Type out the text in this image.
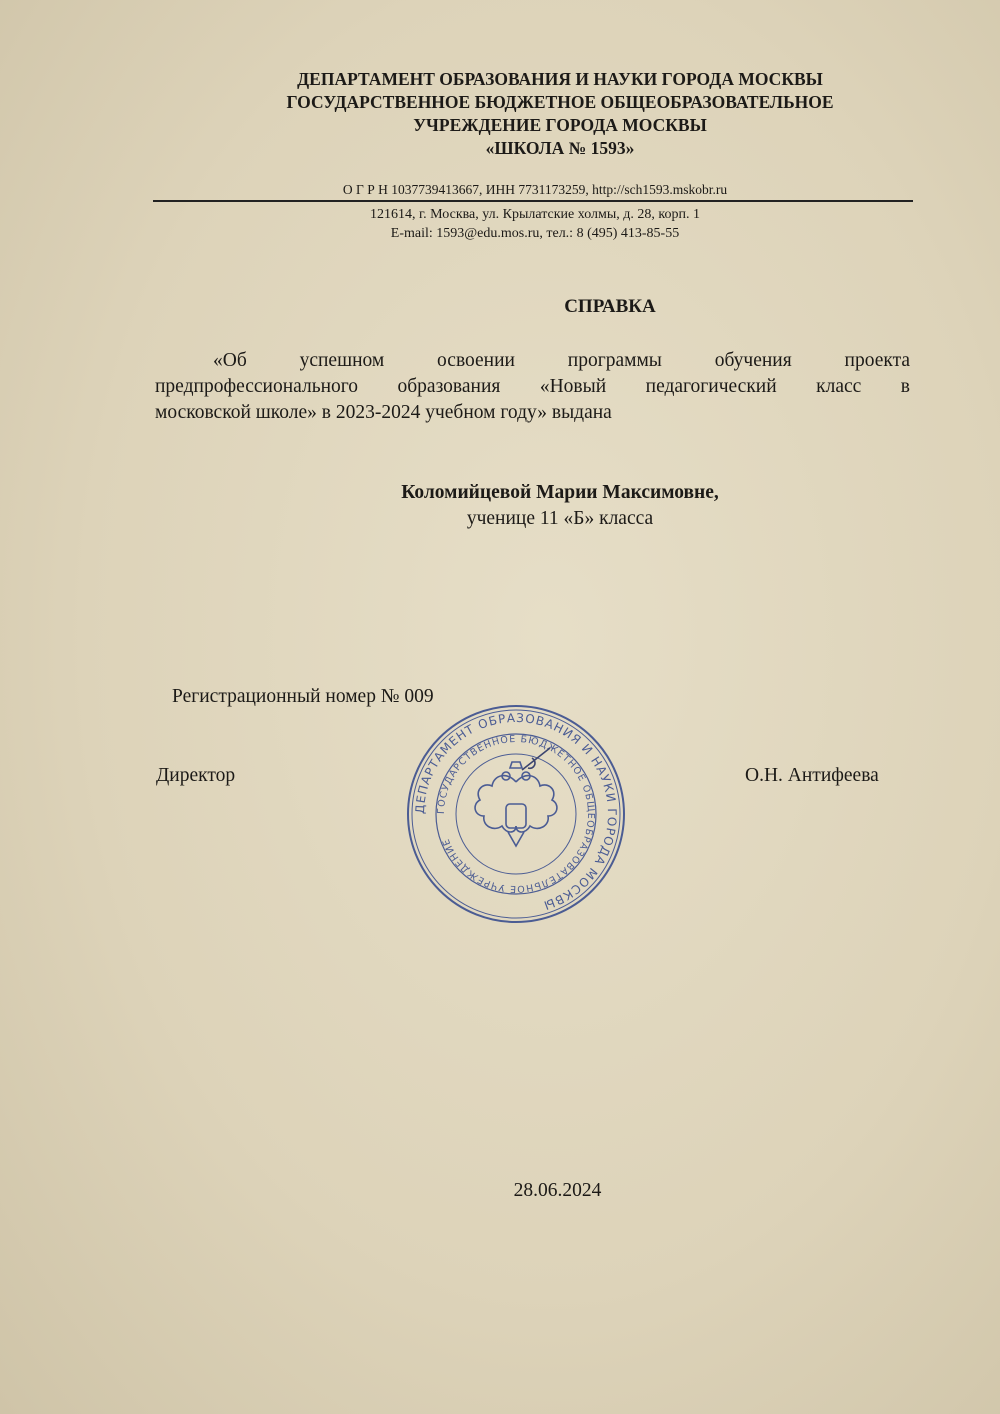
ДЕПАРТАМЕНТ ОБРАЗОВАНИЯ И НАУКИ ГОРОДА МОСКВЫ
ГОСУДАРСТВЕННОЕ БЮДЖЕТНОЕ ОБЩЕОБРАЗОВАТЕЛЬНОЕ
УЧРЕЖДЕНИЕ ГОРОДА МОСКВЫ
«ШКОЛА № 1593»
О Г Р Н 1037739413667, ИНН 7731173259, http://sch1593.mskobr.ru
121614, г. Москва, ул. Крылатские холмы, д. 28, корп. 1
E-mail: 1593@edu.mos.ru, тел.: 8 (495) 413-85-55
СПРАВКА
«Об успешном освоении программы обучения проекта
предпрофессионального образования «Новый педагогический класс в
московской школе» в 2023-2024 учебном году» выдана
Коломийцевой Марии Максимовне,
ученице 11 «Б» класса
Регистрационный номер № 009
Директор	О.Н. Антифеева
ДЕПАРТАМЕНТ ОБРАЗОВАНИЯ И НАУКИ ГОРОДА МОСКВЫ
ГОСУДАРСТВЕННОЕ БЮДЖЕТНОЕ ОБЩЕОБРАЗОВАТЕЛЬНОЕ УЧРЕЖДЕНИЕ
28.06.2024
